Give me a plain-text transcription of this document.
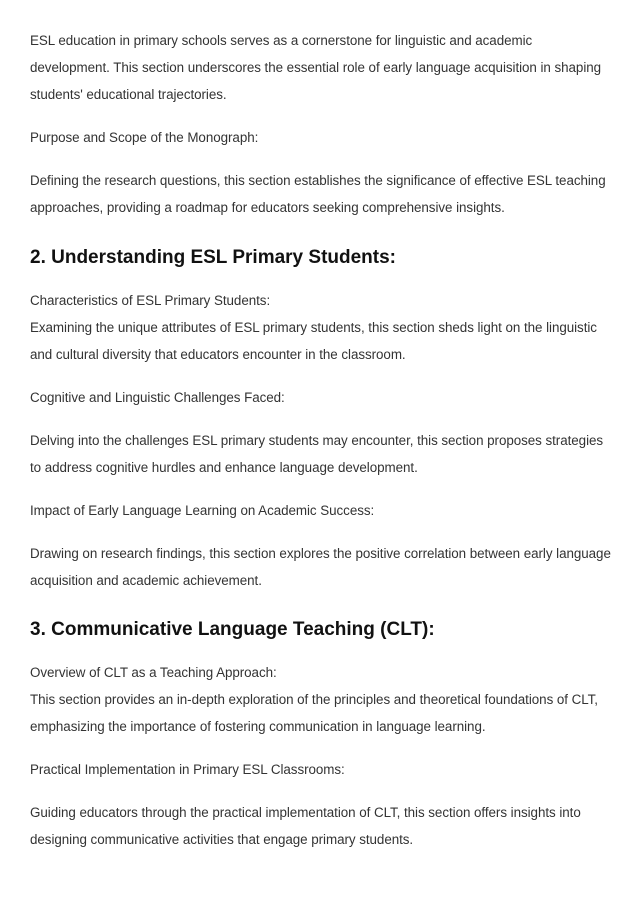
ESL education in primary schools serves as a cornerstone for linguistic and academic development. This section underscores the essential role of early language acquisition in shaping students' educational trajectories.

Purpose and Scope of the Monograph:

Defining the research questions, this section establishes the significance of effective ESL teaching approaches, providing a roadmap for educators seeking comprehensive insights.

2. Understanding ESL Primary Students:

Characteristics of ESL Primary Students:

Examining the unique attributes of ESL primary students, this section sheds light on the linguistic and cultural diversity that educators encounter in the classroom.

Cognitive and Linguistic Challenges Faced:

Delving into the challenges ESL primary students may encounter, this section proposes strategies to address cognitive hurdles and enhance language development.

Impact of Early Language Learning on Academic Success:

Drawing on research findings, this section explores the positive correlation between early language acquisition and academic achievement.

3. Communicative Language Teaching (CLT):

Overview of CLT as a Teaching Approach:

This section provides an in-depth exploration of the principles and theoretical foundations of CLT, emphasizing the importance of fostering communication in language learning.

Practical Implementation in Primary ESL Classrooms:

Guiding educators through the practical implementation of CLT, this section offers insights into designing communicative activities that engage primary students.
